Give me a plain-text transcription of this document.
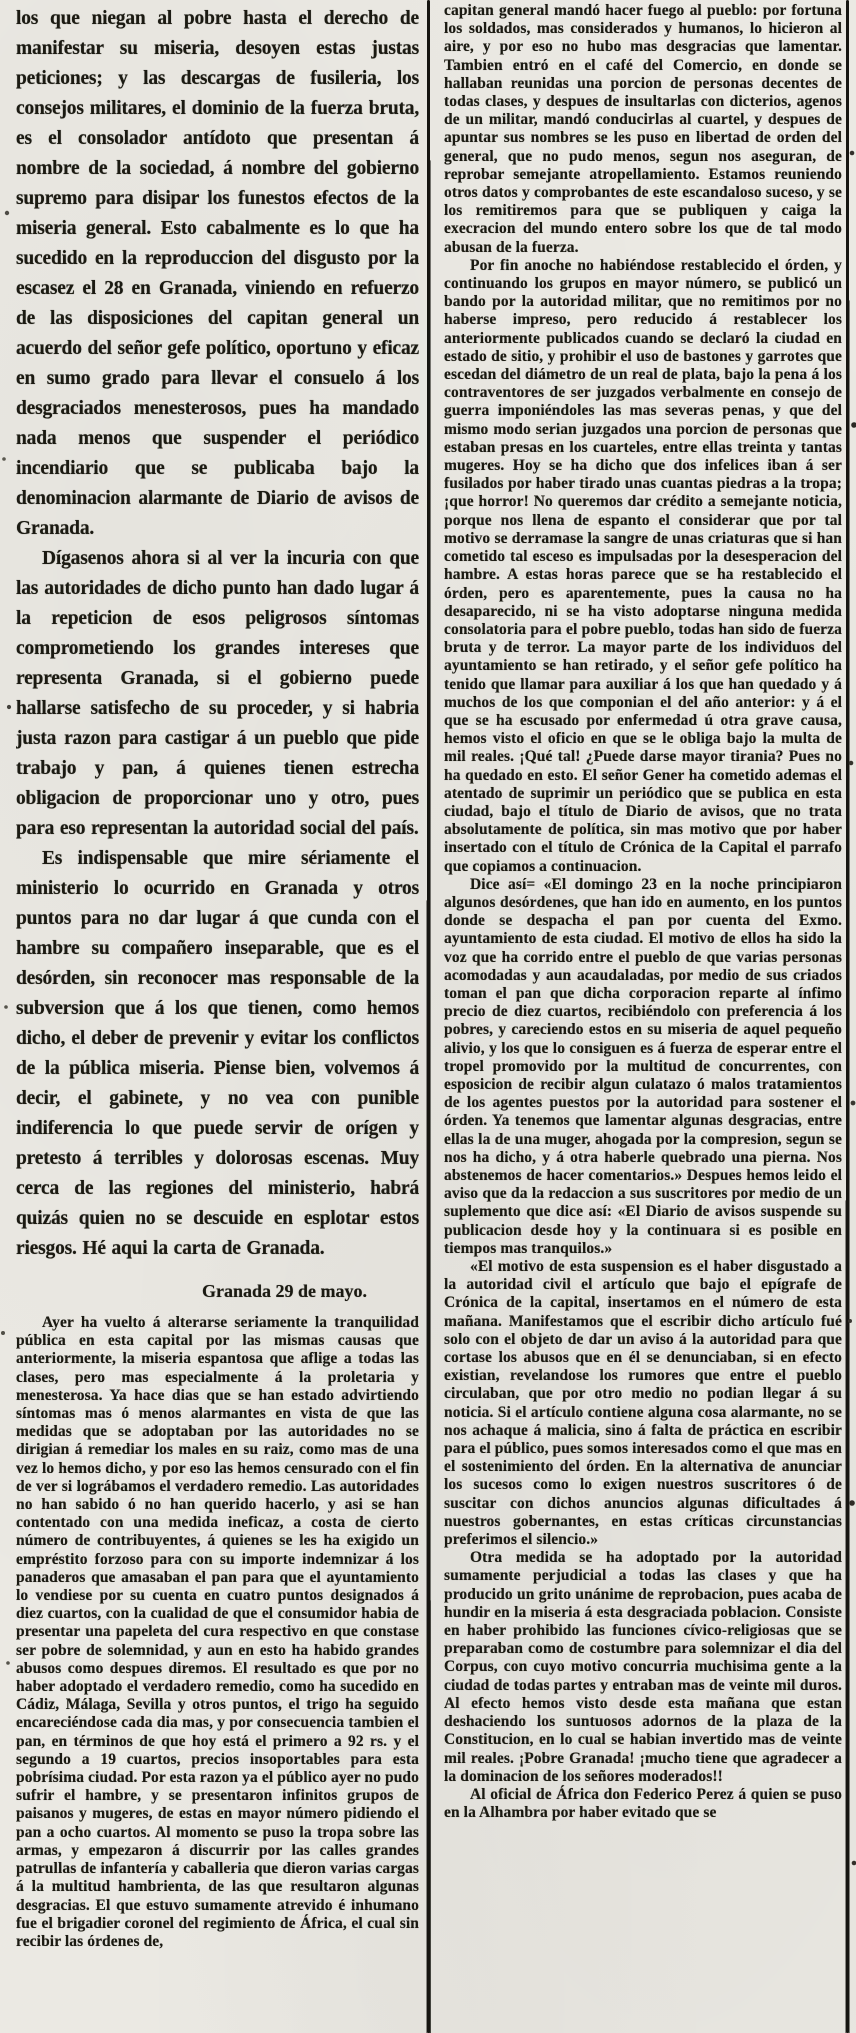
los que niegan al pobre hasta el derecho de manifestar su miseria, desoyen estas justas peticiones; y las descargas de fusileria, los consejos militares, el dominio de la fuerza bruta, es el consolador antídoto que presentan á nombre de la sociedad, á nombre del gobierno supremo para disipar los funestos efectos de la miseria general. Esto cabalmente es lo que ha sucedido en la reproduccion del disgusto por la escasez el 28 en Granada, viniendo en refuerzo de las disposiciones del capitan general un acuerdo del señor gefe político, oportuno y eficaz en sumo grado para llevar el consuelo á los desgraciados menesterosos, pues ha mandado nada menos que suspender el periódico incendiario que se publicaba bajo la denominacion alarmante de Diario de avisos de Granada.

Dígasenos ahora si al ver la incuria con que las autoridades de dicho punto han dado lugar á la repeticion de esos peligrosos síntomas comprometiendo los grandes intereses que representa Granada, si el gobierno puede hallarse satisfecho de su proceder, y si habria justa razon para castigar á un pueblo que pide trabajo y pan, á quienes tienen estrecha obligacion de proporcionar uno y otro, pues para eso representan la autoridad social del país.

Es indispensable que mire sériamente el ministerio lo ocurrido en Granada y otros puntos para no dar lugar á que cunda con el hambre su compañero inseparable, que es el desórden, sin reconocer mas responsable de la subversion que á los que tienen, como hemos dicho, el deber de prevenir y evitar los conflictos de la pública miseria. Piense bien, volvemos á decir, el gabinete, y no vea con punible indiferencia lo que puede servir de orígen y pretesto á terribles y dolorosas escenas. Muy cerca de las regiones del ministerio, habrá quizás quien no se descuide en esplotar estos riesgos. Hé aqui la carta de Granada.

Granada 29 de mayo.

Ayer ha vuelto á alterarse seriamente la tranquilidad pública en esta capital por las mismas causas que anteriormente, la miseria espantosa que aflige a todas las clases, pero mas especialmente á la proletaria y menesterosa. Ya hace dias que se han estado advirtiendo síntomas mas ó menos alarmantes en vista de que las medidas que se adoptaban por las autoridades no se dirigian á remediar los males en su raiz, como mas de una vez lo hemos dicho, y por eso las hemos censurado con el fin de ver si lográbamos el verdadero remedio. Las autoridades no han sabido ó no han querido hacerlo, y asi se han contentado con una medida ineficaz, a costa de cierto número de contribuyentes, á quienes se les ha exigido un empréstito forzoso para con su importe indemnizar á los panaderos que amasaban el pan para que el ayuntamiento lo vendiese por su cuenta en cuatro puntos designados á diez cuartos, con la cualidad de que el consumidor habia de presentar una papeleta del cura respectivo en que constase ser pobre de solemnidad, y aun en esto ha habido grandes abusos como despues diremos. El resultado es que por no haber adoptado el verdadero remedio, como ha sucedido en Cádiz, Málaga, Sevilla y otros puntos, el trigo ha seguido encareciéndose cada dia mas, y por consecuencia tambien el pan, en términos de que hoy está el primero a 92 rs. y el segundo a 19 cuartos, precios insoportables para esta pobrísima ciudad. Por esta razon ya el público ayer no pudo sufrir el hambre, y se presentaron infinitos grupos de paisanos y mugeres, de estas en mayor número pidiendo el pan a ocho cuartos. Al momento se puso la tropa sobre las armas, y empezaron á discurrir por las calles grandes patrullas de infantería y caballeria que dieron varias cargas á la multitud hambrienta, de las que resultaron algunas desgracias. El que estuvo sumamente atrevido é inhumano fue el brigadier coronel del regimiento de África, el cual sin recibir las órdenes de,

capitan general mandó hacer fuego al pueblo: por fortuna los soldados, mas considerados y humanos, lo hicieron al aire, y por eso no hubo mas desgracias que lamentar. Tambien entró en el café del Comercio, en donde se hallaban reunidas una porcion de personas decentes de todas clases, y despues de insultarlas con dicterios, agenos de un militar, mandó conducirlas al cuartel, y despues de apuntar sus nombres se les puso en libertad de orden del general, que no pudo menos, segun nos aseguran, de reprobar semejante atropellamiento. Estamos reuniendo otros datos y comprobantes de este escandaloso suceso, y se los remitiremos para que se publiquen y caiga la execracion del mundo entero sobre los que de tal modo abusan de la fuerza.

Por fin anoche no habiéndose restablecido el órden, y continuando los grupos en mayor número, se publicó un bando por la autoridad militar, que no remitimos por no haberse impreso, pero reducido á restablecer los anteriormente publicados cuando se declaró la ciudad en estado de sitio, y prohibir el uso de bastones y garrotes que escedan del diámetro de un real de plata, bajo la pena á los contraventores de ser juzgados verbalmente en consejo de guerra imponiéndoles las mas severas penas, y que del mismo modo serian juzgados una porcion de personas que estaban presas en los cuarteles, entre ellas treinta y tantas mugeres. Hoy se ha dicho que dos infelices iban á ser fusilados por haber tirado unas cuantas piedras a la tropa; ¡que horror! No queremos dar crédito a semejante noticia, porque nos llena de espanto el considerar que por tal motivo se derramase la sangre de unas criaturas que si han cometido tal esceso es impulsadas por la desesperacion del hambre. A estas horas parece que se ha restablecido el órden, pero es aparentemente, pues la causa no ha desaparecido, ni se ha visto adoptarse ninguna medida consolatoria para el pobre pueblo, todas han sido de fuerza bruta y de terror. La mayor parte de los individuos del ayuntamiento se han retirado, y el señor gefe político ha tenido que llamar para auxiliar á los que han quedado y á muchos de los que componian el del año anterior: y á el que se ha escusado por enfermedad ú otra grave causa, hemos visto el oficio en que se le obliga bajo la multa de mil reales. ¡Qué tal! ¿Puede darse mayor tirania? Pues no ha quedado en esto. El señor Gener ha cometido ademas el atentado de suprimir un periódico que se publica en esta ciudad, bajo el título de Diario de avisos, que no trata absolutamente de política, sin mas motivo que por haber insertado con el título de Crónica de la Capital el parrafo que copiamos a continuacion.

Dice así= «El domingo 23 en la noche principiaron algunos desórdenes, que han ido en aumento, en los puntos donde se despacha el pan por cuenta del Exmo. ayuntamiento de esta ciudad. El motivo de ellos ha sido la voz que ha corrido entre el pueblo de que varias personas acomodadas y aun acaudaladas, por medio de sus criados toman el pan que dicha corporacion reparte al ínfimo precio de diez cuartos, recibiéndolo con preferencia á los pobres, y careciendo estos en su miseria de aquel pequeño alivio, y los que lo consiguen es á fuerza de esperar entre el tropel promovido por la multitud de concurrentes, con esposicion de recibir algun culatazo ó malos tratamientos de los agentes puestos por la autoridad para sostener el órden. Ya tenemos que lamentar algunas desgracias, entre ellas la de una muger, ahogada por la compresion, segun se nos ha dicho, y á otra haberle quebrado una pierna. Nos abstenemos de hacer comentarios.» Despues hemos leido el aviso que da la redaccion a sus suscritores por medio de un suplemento que dice así: «El Diario de avisos suspende su publicacion desde hoy y la continuara si es posible en tiempos mas tranquilos.»

«El motivo de esta suspension es el haber disgustado a la autoridad civil el artículo que bajo el epígrafe de Crónica de la capital, insertamos en el número de esta mañana. Manifestamos que el escribir dicho artículo fué solo con el objeto de dar un aviso á la autoridad para que cortase los abusos que en él se denunciaban, si en efecto existian, revelandose los rumores que entre el pueblo circulaban, que por otro medio no podian llegar á su noticia. Si el artículo contiene alguna cosa alarmante, no se nos achaque á malicia, sino á falta de práctica en escribir para el público, pues somos interesados como el que mas en el sostenimiento del órden. En la alternativa de anunciar los sucesos como lo exigen nuestros suscritores ó de suscitar con dichos anuncios algunas dificultades á nuestros gobernantes, en estas críticas circunstancias preferimos el silencio.»

Otra medida se ha adoptado por la autoridad sumamente perjudicial a todas las clases y que ha producido un grito unánime de reprobacion, pues acaba de hundir en la miseria á esta desgraciada poblacion. Consiste en haber prohibido las funciones cívico-religiosas que se preparaban como de costumbre para solemnizar el dia del Corpus, con cuyo motivo concurria muchisima gente a la ciudad de todas partes y entraban mas de veinte mil duros. Al efecto hemos visto desde esta mañana que estan deshaciendo los suntuosos adornos de la plaza de la Constitucion, en lo cual se habian invertido mas de veinte mil reales. ¡Pobre Granada! ¡mucho tiene que agradecer a la dominacion de los señores moderados!!

Al oficial de África don Federico Perez á quien se puso en la Alhambra por haber evitado que se
